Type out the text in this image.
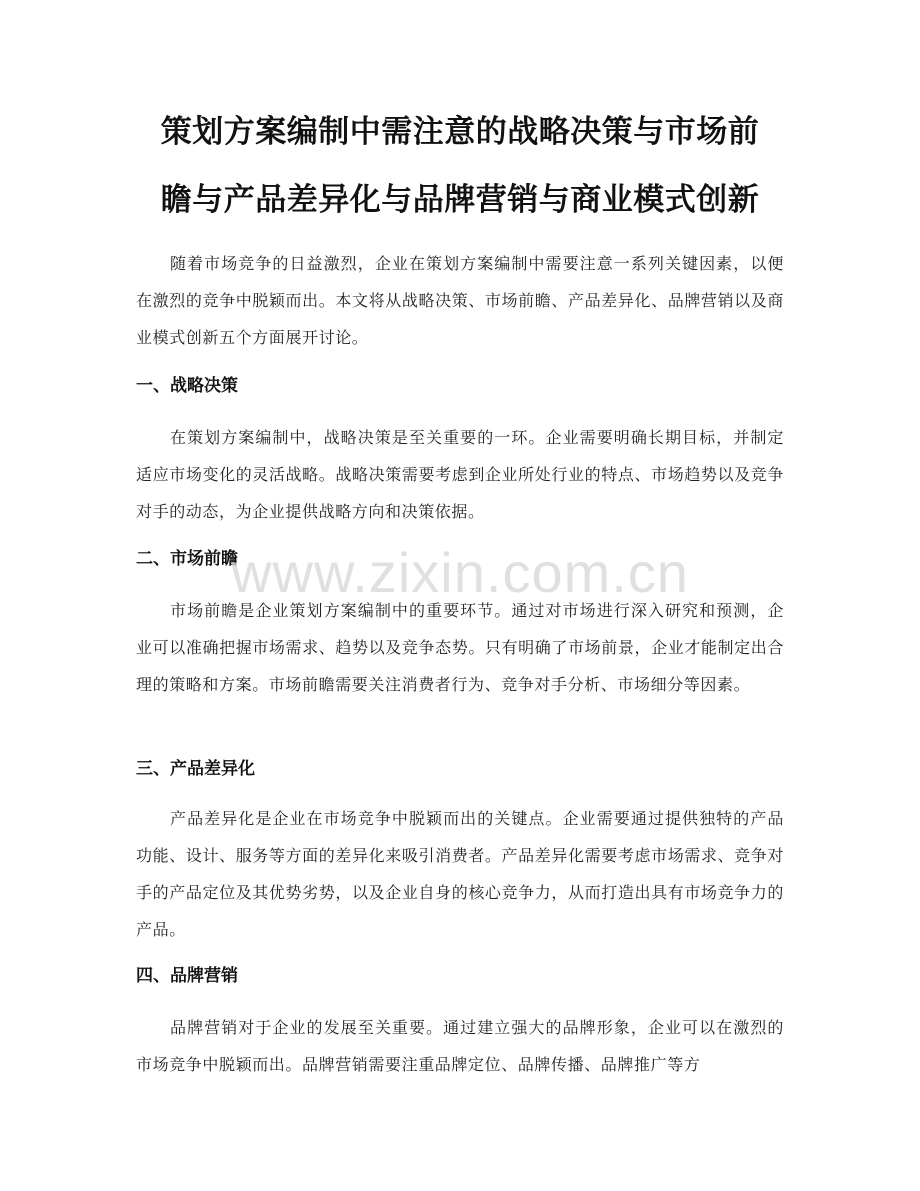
策划方案编制中需注意的战略决策与市场前
瞻与产品差异化与品牌营销与商业模式创新

随着市场竞争的日益激烈，企业在策划方案编制中需要注意一系列关键因素，以便在激烈的竞争中脱颖而出。本文将从战略决策、市场前瞻、产品差异化、品牌营销以及商业模式创新五个方面展开讨论。

一、战略决策

在策划方案编制中，战略决策是至关重要的一环。企业需要明确长期目标，并制定适应市场变化的灵活战略。战略决策需要考虑到企业所处行业的特点、市场趋势以及竞争对手的动态，为企业提供战略方向和决策依据。

二、市场前瞻

市场前瞻是企业策划方案编制中的重要环节。通过对市场进行深入研究和预测，企业可以准确把握市场需求、趋势以及竞争态势。只有明确了市场前景，企业才能制定出合理的策略和方案。市场前瞻需要关注消费者行为、竞争对手分析、市场细分等因素。

三、产品差异化

产品差异化是企业在市场竞争中脱颖而出的关键点。企业需要通过提供独特的产品功能、设计、服务等方面的差异化来吸引消费者。产品差异化需要考虑市场需求、竞争对手的产品定位及其优势劣势，以及企业自身的核心竞争力，从而打造出具有市场竞争力的产品。

四、品牌营销

品牌营销对于企业的发展至关重要。通过建立强大的品牌形象，企业可以在激烈的市场竞争中脱颖而出。品牌营销需要注重品牌定位、品牌传播、品牌推广等方

www.zixin.com.cn
